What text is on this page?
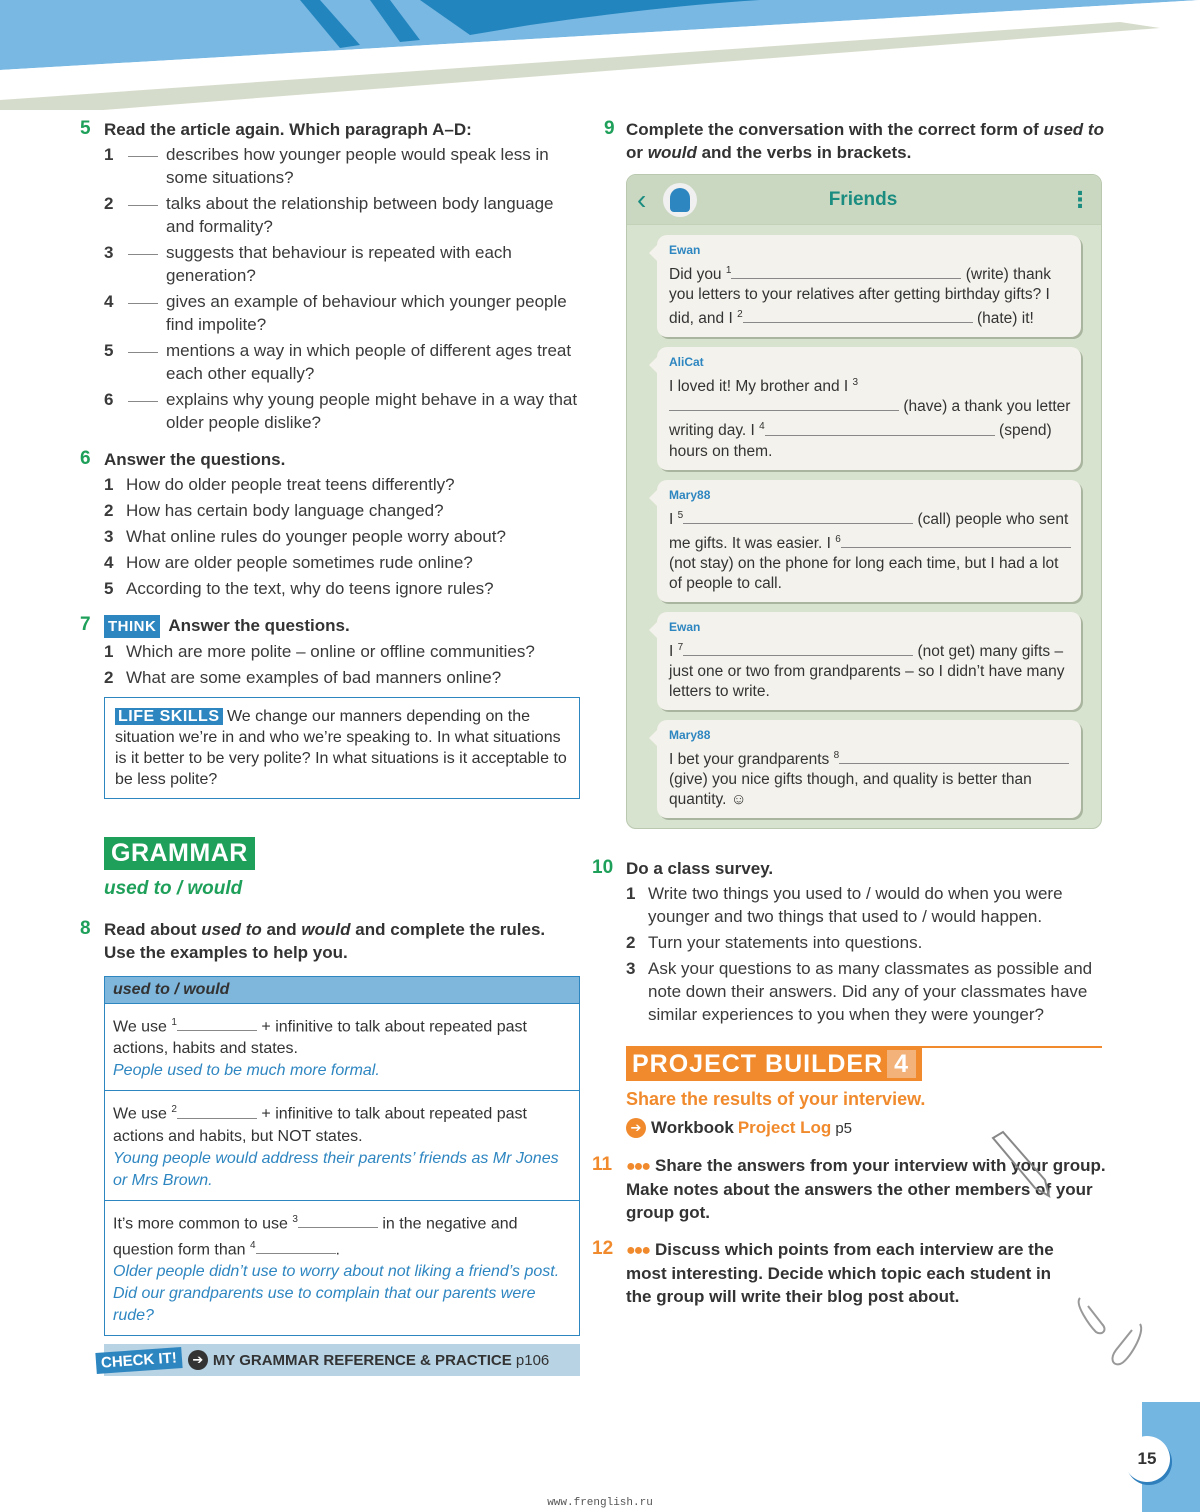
5 Read the article again. Which paragraph A–D:
1	describes how younger people would speak less in some situations?
2	talks about the relationship between body language and formality?
3	suggests that behaviour is repeated with each generation?
4	gives an example of behaviour which younger people find impolite?
5	mentions a way in which people of different ages treat each other equally?
6	explains why young people might behave in a way that older people dislike?
6 Answer the questions.
1 How do older people treat teens differently?
2 How has certain body language changed?
3 What online rules do younger people worry about?
4 How are older people sometimes rude online?
5 According to the text, why do teens ignore rules?
7 THINK Answer the questions.
1 Which are more polite – online or offline communities?
2 What are some examples of bad manners online?
LIFE SKILLS We change our manners depending on the situation we’re in and who we’re speaking to. In what situations is it better to be very polite? In what situations is it acceptable to be less polite?
GRAMMAR
used to / would
8 Read about used to and would and complete the rules. Use the examples to help you.
used to / would
We use $^1$	+ infinitive to talk about repeated past actions, habits and states.
People used to be much more formal.
We use $^2$	+ infinitive to talk about repeated past actions and habits, but NOT states.
Young people would address their parents’ friends as Mr Jones or Mrs Brown.
It’s more common to use $^3$	in the negative and question form than $^4$	.
Older people didn’t use to worry about not liking a friend’s post.
Did our grandparents use to complain that our parents were rude?
CHECK IT!	➔ MY GRAMMAR REFERENCE & PRACTICE
p106
9 Complete the conversation with the correct form of used to or would and the verbs in brackets.
‹	Friends	⋮
Ewan
Did you $^1$	(write) thank you letters to your relatives after getting birthday gifts? I did, and I $^2$	(hate) it!
AliCat
I loved it! My brother and I $^3$ (have) a thank you letter writing day. I $^4$	(spend) hours on them.
Mary88
I $^5$	(call) people who sent me gifts. It was easier. I $^6$ (not stay) on the phone for long each time, but I had a lot of people to call.
Ewan
I $^7$	(not get) many gifts – just one or two from grandparents – so I didn’t have many letters to write.
Mary88
I bet your grandparents $^8$ (give) you nice gifts though, and quality is better than quantity. ☺
10 Do a class survey.
1 Write two things you used to / would do when you were younger and two things that used to / would happen.
2 Turn your statements into questions.
3 Ask your questions to as many classmates as possible and note down their answers. Did any of your classmates have similar experiences to you when they were younger?
PROJECT BUILDER 4
Share the results of your interview.
➔ Workbook Project Log p5
11 ●●● Share the answers from your interview with your group. Make notes about the answers the other members of your group got.
12 ●●● Discuss which points from each interview are the most interesting. Decide which topic each student in the group will write their blog post about.
15
www.frenglish.ru
